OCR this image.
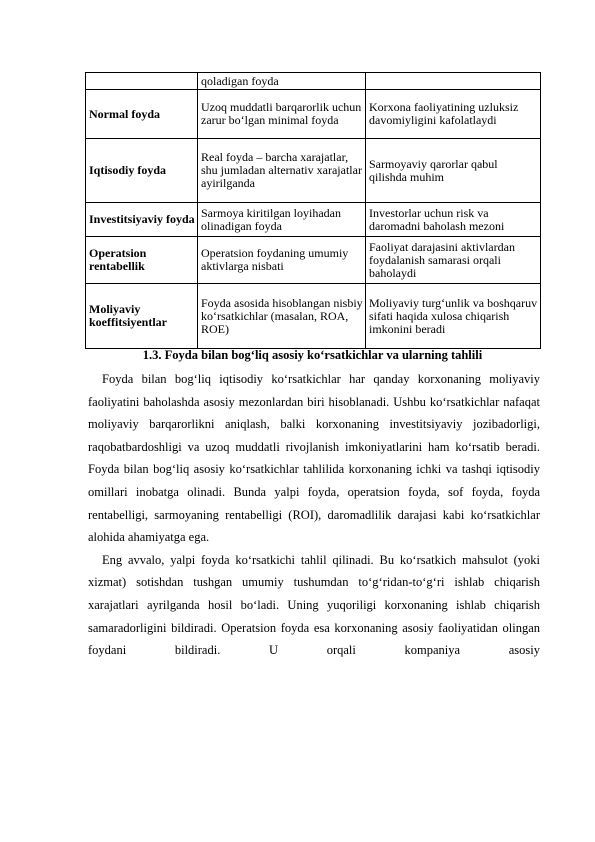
	qoladigan foyda	
Normal foyda	Uzoq muddatli barqarorlik uchun zarur bo‘lgan minimal foyda	Korxona faoliyatining uzluksiz davomiyligini kafolatlaydi
Iqtisodiy foyda	Real foyda – barcha xarajatlar, shu jumladan alternativ xarajatlar ayirilganda	Sarmoyaviy qarorlar qabul qilishda muhim
Investitsiyaviy foyda	Sarmoya kiritilgan loyihadan olinadigan foyda	Investorlar uchun risk va daromadni baholash mezoni
Operatsion rentabellik	Operatsion foydaning umumiy aktivlarga nisbati	Faoliyat darajasini aktivlardan foydalanish samarasi orqali baholaydi
Moliyaviy koeffitsiyentlar	Foyda asosida hisoblangan nisbiy ko‘rsatkichlar (masalan, ROA, ROE)	Moliyaviy turg‘unlik va boshqaruv sifati haqida xulosa chiqarish imkonini beradi
1.3. Foyda bilan bog‘liq asosiy ko‘rsatkichlar va ularning tahlili

Foyda bilan bog‘liq iqtisodiy ko‘rsatkichlar har qanday korxonaning moliyaviy faoliyatini baholashda asosiy mezonlardan biri hisoblanadi. Ushbu ko‘rsatkichlar nafaqat moliyaviy barqarorlikni aniqlash, balki korxonaning investitsiyaviy jozibadorligi, raqobatbardoshligi va uzoq muddatli rivojlanish imkoniyatlarini ham ko‘rsatib beradi. Foyda bilan bog‘liq asosiy ko‘rsatkichlar tahlilida korxonaning ichki va tashqi iqtisodiy omillari inobatga olinadi. Bunda yalpi foyda, operatsion foyda, sof foyda, foyda rentabelligi, sarmoyaning rentabelligi (ROI), daromadlilik darajasi kabi ko‘rsatkichlar alohida ahamiyatga ega.

Eng avvalo, yalpi foyda ko‘rsatkichi tahlil qilinadi. Bu ko‘rsatkich mahsulot (yoki xizmat) sotishdan tushgan umumiy tushumdan to‘g‘ridan-to‘g‘ri ishlab chiqarish xarajatlari ayrilganda hosil bo‘ladi. Uning yuqoriligi korxonaning ishlab chiqarish samaradorligini bildiradi. Operatsion foyda esa korxonaning asosiy faoliyatidan olingan foydani bildiradi. U orqali kompaniya asosiy
